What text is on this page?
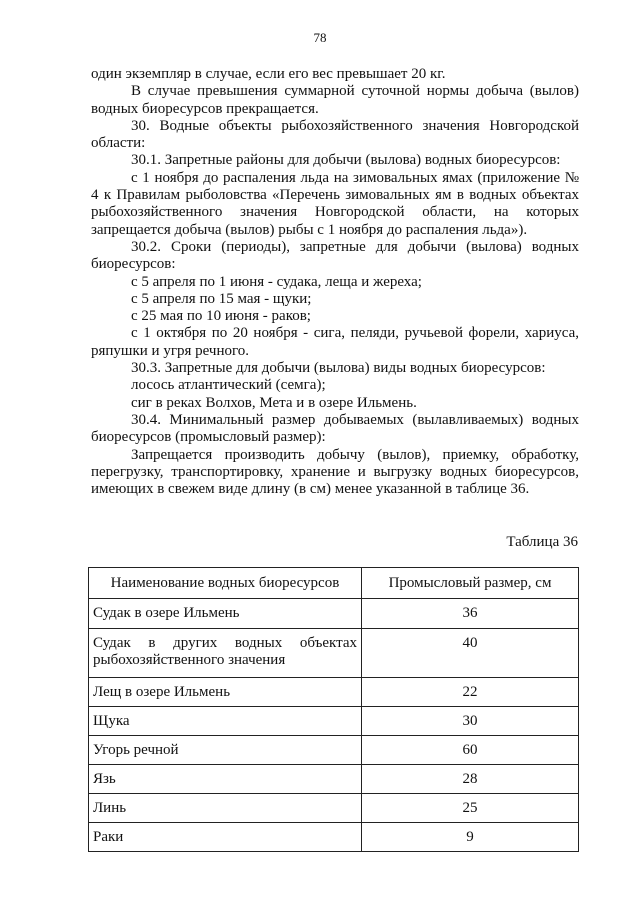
78

один экземпляр в случае, если его вес превышает 20 кг.

В случае превышения суммарной суточной нормы добыча (вылов) водных биоресурсов прекращается.

30. Водные объекты рыбохозяйственного значения Новгородской области:

30.1. Запретные районы для добычи (вылова) водных биоресурсов:

с 1 ноября до распаления льда на зимовальных ямах (приложение № 4 к Правилам рыболовства «Перечень зимовальных ям в водных объектах рыбохозяйственного значения Новгородской области, на которых запрещается добыча (вылов) рыбы с 1 ноября до распаления льда»).

30.2. Сроки (периоды), запретные для добычи (вылова) водных биоресурсов:

с 5 апреля по 1 июня - судака, леща и жереха;

с 5 апреля по 15 мая - щуки;

с 25 мая по 10 июня - раков;

с 1 октября по 20 ноября - сига, пеляди, ручьевой форели, хариуса, ряпушки и угря речного.

30.3. Запретные для добычи (вылова) виды водных биоресурсов:

лосось атлантический (семга);

сиг в реках Волхов, Мета и в озере Ильмень.

30.4. Минимальный размер добываемых (вылавливаемых) водных биоресурсов (промысловый размер):

Запрещается производить добычу (вылов), приемку, обработку, перегрузку, транспортировку, хранение и выгрузку водных биоресурсов, имеющих в свежем виде длину (в см) менее указанной в таблице 36.

Таблица 36
Наименование водных биоресурсов	Промысловый размер, см
Судак в озере Ильмень	36
Судак в других водных объектах рыбохозяйственного значения	40
Лещ в озере Ильмень	22
Щука	30
Угорь речной	60
Язь	28
Линь	25
Раки	9
